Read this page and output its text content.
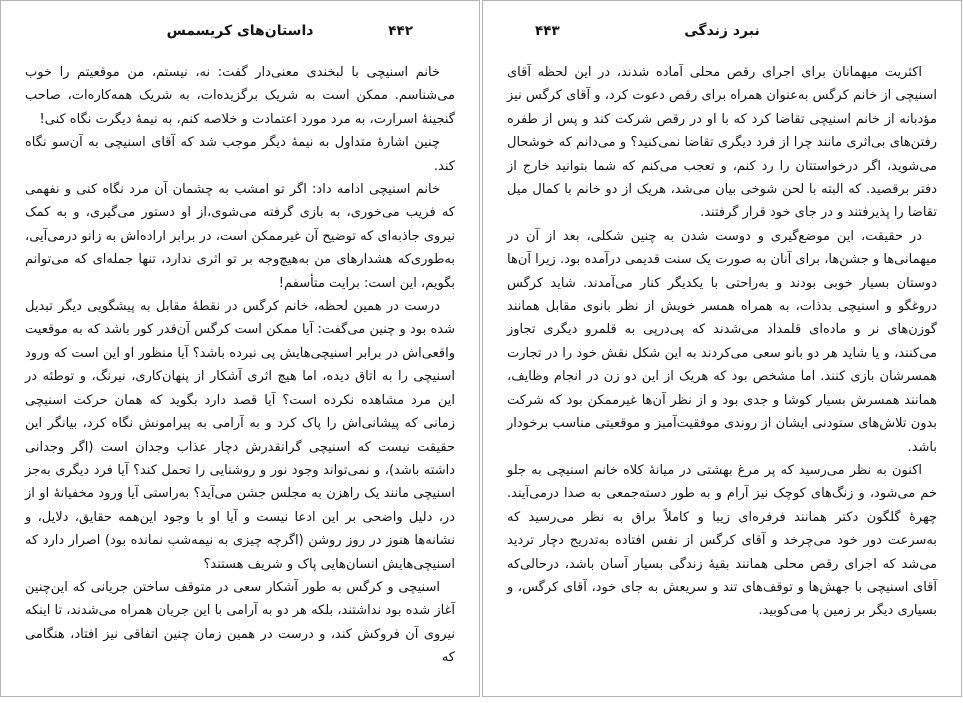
داستان‌های کریسمس	۴۴۲

خانم اسنیچی با لبخندی معنی‌دار گفت: نه، نیستم، من موقعیتم را خوب می‌شناسم. ممکن است به شریک برگزیده‌ات، به شریک همه‌کاره‌ات، صاحب گنجینهٔ اسرارت، به مرد مورد اعتمادت و خلاصه کنم، به نیمهٔ دیگرت نگاه کنی!

چنین اشارهٔ متداول به نیمهٔ دیگر موجب شد که آقای اسنیچی به آن‌سو نگاه کند.

خانم اسنیچی ادامه داد: اگر تو امشب به چشمان آن مرد نگاه کنی و نفهمی که فریب می‌خوری، به بازی گرفته می‌شوی،از او دستور می‌گیری، و به کمک نیروی جاذبه‌ای که توضیح آن غیرممکن است، در برابر اراده‌اش به زانو درمی‌آیی، به‌طوری‌که هشدارهای من به‌هیچ‌وجه بر تو اثری ندارد، تنها جمله‌ای که می‌توانم بگویم، این است: برایت متأسفم!

درست در همین لحظه، خانم کرگس در نقطهٔ مقابل به پیشگویی دیگر تبدیل شده بود و چنین می‌گفت: آیا ممکن است کرگس آن‌قدر کور باشد که به موقعیت واقعی‌اش در برابر اسنیچی‌هایش پی نبرده باشد؟ آیا منظور او این است که ورود اسنیچی را به اتاق دیده، اما هیچ اثری آشکار از پنهان‌کاری، نیرنگ، و توطئه در این مرد مشاهده نکرده است؟ آیا قصد دارد بگوید که همان حرکت اسنیچی زمانی که پیشانی‌اش را پاک کرد و به آرامی به پیرامونش نگاه کرد، بیانگر این حقیقت نیست که اسنیچی گرانقدرش دچار عذاب وجدان است (اگر وجدانی داشته باشد)، و نمی‌تواند وجود نور و روشنایی را تحمل کند؟ آیا فرد دیگری به‌جز اسنیچی مانند یک راهزن به مجلس جشن می‌آید؟ به‌راستی آیا ورود مخفیانهٔ او از در، دلیل واضحی بر این ادعا نیست و آیا او با وجود این‌همه حقایق، دلایل، و نشانه‌ها هنوز در روز روشن (اگرچه چیزی به نیمه‌شب نمانده بود) اصرار دارد که اسنیچی‌هایش انسان‌هایی پاک و شریف هستند؟

اسنیچی و کرگس به طور آشکار سعی در متوقف ساختن جریانی که این‌چنین آغاز شده بود نداشتند، بلکه هر دو به آرامی با این جریان همراه می‌شدند، تا اینکه نیروی آن فروکش کند، و درست در همین زمان چنین اتفاقی نیز افتاد، هنگامی که

نبرد زندگی
۴۴۳

اکثریت میهمانان برای اجرای رقص محلی آماده شدند، در این لحظه آقای اسنیچی از خانم کرگس به‌عنوان همراه برای رقص دعوت کرد، و آقای کرگس نیز مؤدبانه از خانم اسنیچی تقاضا کرد که با او در رقص شرکت کند و پس از طفره رفتن‌های بی‌اثری مانند چرا از فرد دیگری تقاضا نمی‌کنید؟ و می‌دانم که خوشحال می‌شوید، اگر درخواستتان را رد کنم، و تعجب می‌کنم که شما بتوانید خارج از دفتر برقصید. که البته با لحن شوخی بیان می‌شد، هریک از دو خانم با کمال میل تقاضا را پذیرفتند و در جای خود قرار گرفتند.

در حقیقت، این موضع‌گیری و دوست شدن به چنین شکلی، بعد از آن در میهمانی‌ها و جشن‌ها، برای آنان به صورت یک سنت قدیمی درآمده بود. زیرا آن‌ها دوستان بسیار خوبی بودند و به‌راحتی با یکدیگر کنار می‌آمدند. شاید کرگس دروغگو و اسنیچی بدذات، به همراه همسر خویش از نظر بانوی مقابل همانند گوزن‌های نر و ماده‌ای قلمداد می‌شدند که پی‌درپی به قلمرو دیگری تجاوز می‌کنند، و یا شاید هر دو بانو سعی می‌کردند به این شکل نقش خود را در تجارت همسرشان بازی کنند. اما مشخص بود که هریک از این دو زن در انجام وظایف، همانند همسرش بسیار کوشا و جدی بود و از نظر آن‌ها غیرممکن بود که شرکت بدون تلاش‌های ستودنی ایشان از روندی موفقیت‌آمیز و موقعیتی مناسب برخودار باشد.

اکنون به نظر می‌رسید که پر مرغ بهشتی در میانهٔ کلاه خانم اسنیچی به جلو خم می‌شود، و زنگ‌های کوچک نیز آرام و به طور دسته‌جمعی به صدا درمی‌آیند. چهرهٔ گلگون دکتر همانند فرفره‌ای زیبا و کاملاً براق به نظر می‌رسید که به‌سرعت دور خود می‌چرخد و آقای کرگس از نفس افتاده به‌تدریج دچار تردید می‌شد که اجرای رقص محلی همانند بقیهٔ زندگی بسیار آسان باشد، درحالی‌که آقای اسنیچی با جهش‌ها و توقف‌های تند و سریعش به جای خود، آقای کرگس، و بسیاری دیگر بر زمین پا می‌کوبید.
